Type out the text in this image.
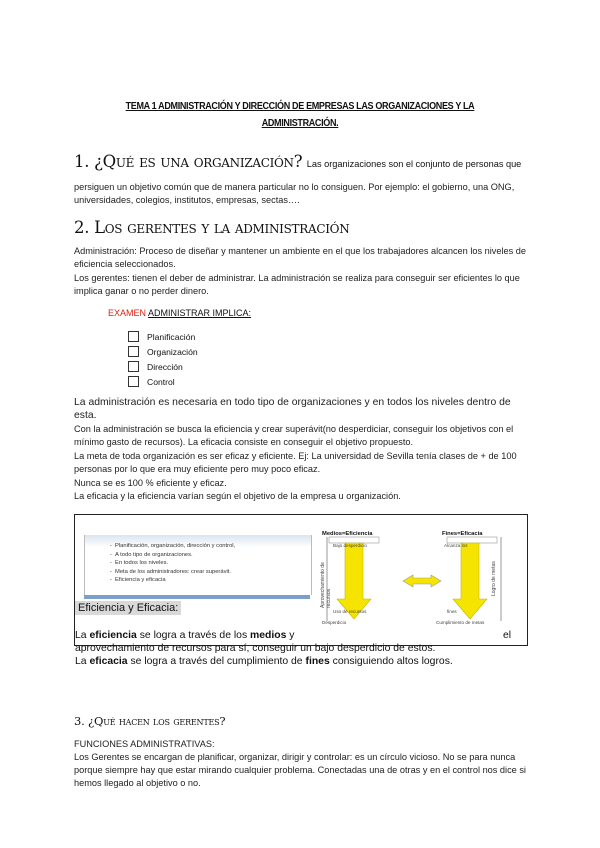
TEMA 1 ADMINISTRACIÓN Y DIRECCIÓN DE EMPRESAS LAS ORGANIZACIONES Y LA ADMINISTRACIÓN.
1. ¿Qué es una organización? Las organizaciones son el conjunto de personas que
persiguen un objetivo común que de manera particular no lo consiguen. Por ejemplo: el gobierno, una ONG, universidades, colegios, institutos, empresas, sectas….
2. Los gerentes y la administración
Administración: Proceso de diseñar y mantener un ambiente en el que los trabajadores alcancen los niveles de eficiencia seleccionados.
Los gerentes: tienen el deber de administrar. La administración se realiza para conseguir ser eficientes lo que implica ganar o no perder dinero.
EXAMEN ADMINISTRAR IMPLICA:
Planificación
Organización
Dirección
Control
La administración es necesaria en todo tipo de organizaciones y en todos los niveles dentro de esta.
Con la administración se busca la eficiencia y crear superávit(no desperdiciar, conseguir los objetivos con el mínimo gasto de recursos). La eficacia consiste en conseguir el objetivo propuesto.
La meta de toda organización es ser eficaz y eficiente. Ej: La universidad de Sevilla tenía clases de + de 100 personas por lo que era muy eficiente pero muy poco eficaz.
Nunca se es 100 % eficiente y eficaz.
La eficacia y la eficiencia varían según el objetivo de la empresa u organización.
- Planificación, organización, dirección y control,
- A todo tipo de organizaciones.
- En todos los niveles.
- Meta de los administradores: crear superávit.
- Eficiencia y eficacia
Eficiencia y Eficacia:
La eficiencia se logra a través de los medios y	el
aprovechamiento de recursos para sí, conseguir un bajo desperdicio de estos.
La eficacia se logra a través del cumplimiento de fines consiguiendo altos logros.
Medios=Eficiencia	Fines=Eficacia
Bajo desperdicio	Alcanza los
Uso de recursos	fines
Desperdicio	Cumplimiento de metas
Aprovechamiento de recursos
Logro de metas
3. ¿Qué hacen los gerentes?
FUNCIONES ADMINISTRATIVAS:
Los Gerentes se encargan de planificar, organizar, dirigir y controlar: es un círculo vicioso. No se para nunca porque siempre hay que estar mirando cualquier problema. Conectadas una de otras y en el control nos dice si hemos llegado al objetivo o no.
